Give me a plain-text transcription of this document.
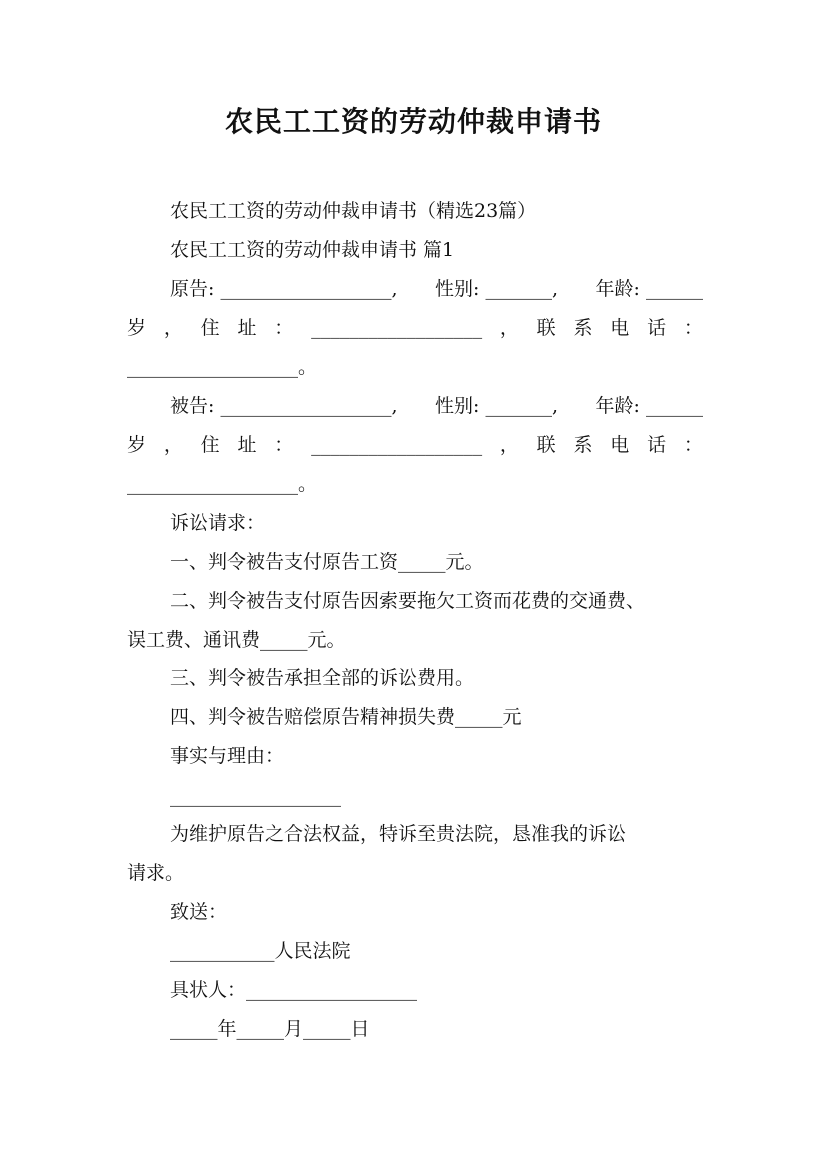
农民工工资的劳动仲裁申请书
农民工工资的劳动仲裁申请书（精选23篇）
农民工工资的劳动仲裁申请书 篇1
原告: __________________, 性别: _______, 年龄: ______
岁 ， 住 址 ： __________________ ， 联 系 电 话 ：
__________________。
被告: __________________, 性别: _______, 年龄: ______
岁 ， 住 址 ： __________________ ， 联 系 电 话 ：
__________________。
诉讼请求：
一、判令被告支付原告工资_____元。
二、判令被告支付原告因索要拖欠工资而花费的交通费、
误工费、通讯费_____元。
三、判令被告承担全部的诉讼费用。
四、判令被告赔偿原告精神损失费_____元
事实与理由：
__________________
为维护原告之合法权益，特诉至贵法院，恳准我的诉讼
请求。
致送：
___________人民法院
具状人：__________________
_____年_____月_____日
